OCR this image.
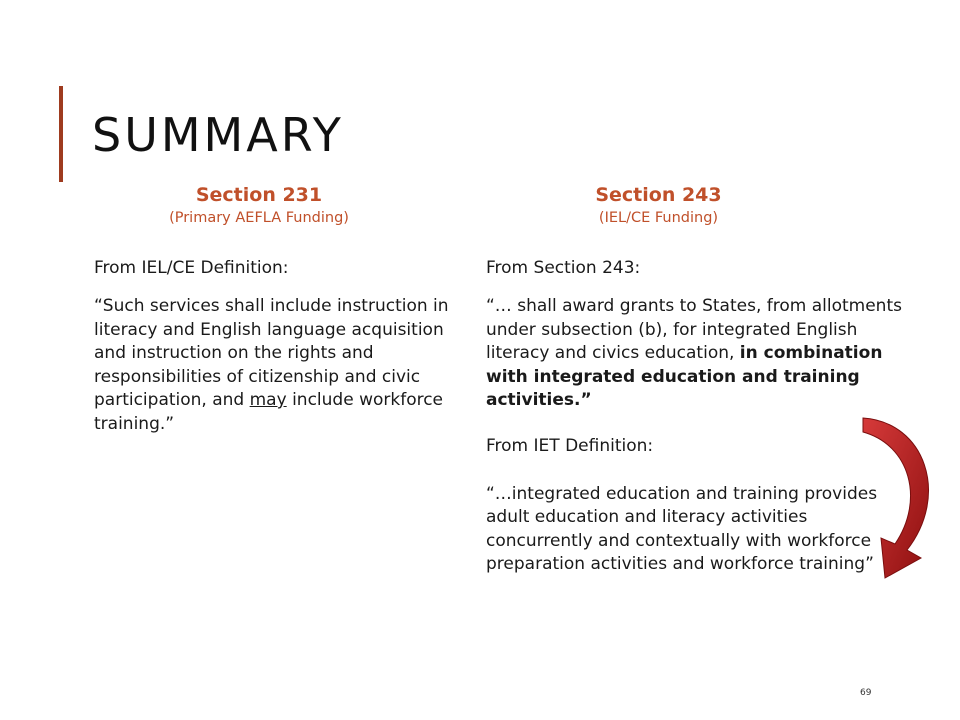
SUMMARY
Section 231
(Primary AEFLA Funding)
From IEL/CE Definition:
“Such services shall include instruction in literacy and English language acquisition and instruction on the rights and responsibilities of citizenship and civic participation, and may include workforce training.”
Section 243
(IEL/CE Funding)
From Section 243:
“… shall award grants to States, from allotments under subsection (b), for integrated English literacy and civics education, in combination with integrated education and training activities.”
From IET Definition:
“…integrated education and training provides adult education and literacy activities concurrently and contextually with workforce preparation activities and workforce training”
69
